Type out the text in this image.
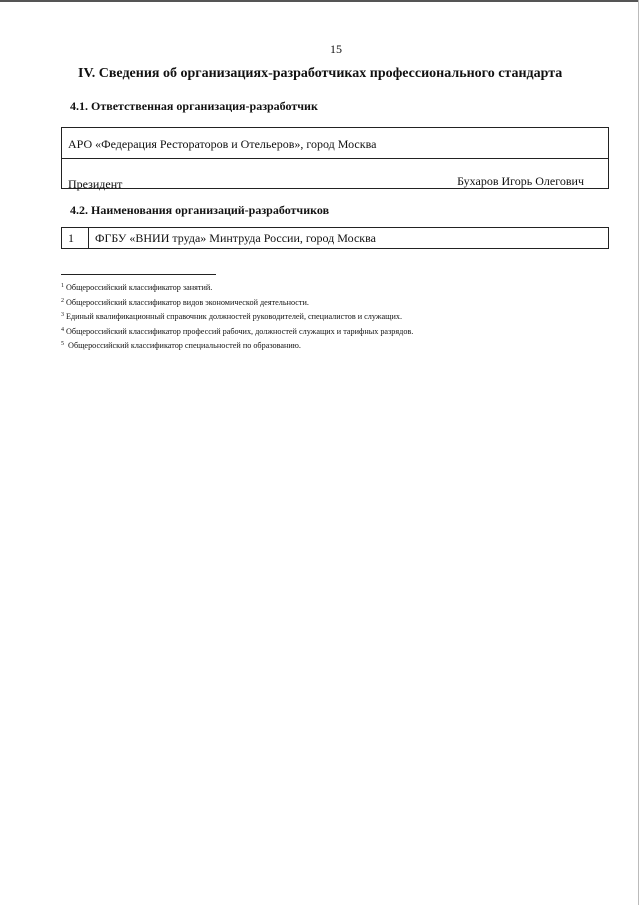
15
IV. Сведения об организациях-разработчиках профессионального стандарта
4.1. Ответственная организация-разработчик
АРО «Федерация Рестораторов и Отельеров», город Москва
Президент	Бухаров Игорь Олегович
4.2. Наименования организаций-разработчиков
1	ФГБУ «ВНИИ труда» Минтруда России, город Москва
$^1$ Общероссийский классификатор занятий.
$^2$ Общероссийский классификатор видов экономической деятельности.
$^3$ Единый квалификационный справочник должностей руководителей, специалистов и служащих.
$^4$ Общероссийский классификатор профессий рабочих, должностей служащих и тарифных разрядов.
$^5$ Общероссийский классификатор специальностей по образованию.
